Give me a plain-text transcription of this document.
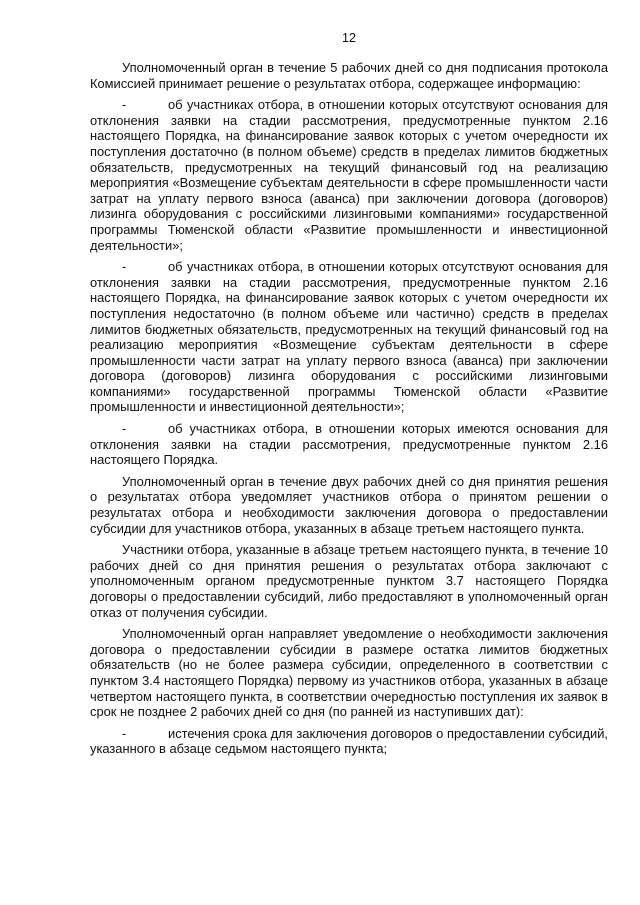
12

Уполномоченный орган в течение 5 рабочих дней со дня подписания протокола Комиссией принимает решение о результатах отбора, содержащее информацию:

-	об участниках отбора, в отношении которых отсутствуют основания для отклонения заявки на стадии рассмотрения, предусмотренные пунктом 2.16 настоящего Порядка, на финансирование заявок которых с учетом очередности их поступления достаточно (в полном объеме) средств в пределах лимитов бюджетных обязательств, предусмотренных на текущий финансовый год на реализацию мероприятия «Возмещение субъектам деятельности в сфере промышленности части затрат на уплату первого взноса (аванса) при заключении договора (договоров) лизинга оборудования с российскими лизинговыми компаниями» государственной программы Тюменской области «Развитие промышленности и инвестиционной деятельности»;

-	об участниках отбора, в отношении которых отсутствуют основания для отклонения заявки на стадии рассмотрения, предусмотренные пунктом 2.16 настоящего Порядка, на финансирование заявок которых с учетом очередности их поступления недостаточно (в полном объеме или частично) средств в пределах лимитов бюджетных обязательств, предусмотренных на текущий финансовый год на реализацию мероприятия «Возмещение субъектам деятельности в сфере промышленности части затрат на уплату первого взноса (аванса) при заключении договора (договоров) лизинга оборудования с российскими лизинговыми компаниями» государственной программы Тюменской области «Развитие промышленности и инвестиционной деятельности»;

-	об участниках отбора, в отношении которых имеются основания для отклонения заявки на стадии рассмотрения, предусмотренные пунктом 2.16 настоящего Порядка.

Уполномоченный орган в течение двух рабочих дней со дня принятия решения о результатах отбора уведомляет участников отбора о принятом решении о результатах отбора и необходимости заключения договора о предоставлении субсидии для участников отбора, указанных в абзаце третьем настоящего пункта.

Участники отбора, указанные в абзаце третьем настоящего пункта, в течение 10 рабочих дней со дня принятия решения о результатах отбора заключают с уполномоченным органом предусмотренные пунктом 3.7 настоящего Порядка договоры о предоставлении субсидий, либо предоставляют в уполномоченный орган отказ от получения субсидии.

Уполномоченный орган направляет уведомление о необходимости заключения договора о предоставлении субсидии в размере остатка лимитов бюджетных обязательств (но не более размера субсидии, определенного в соответствии с пунктом 3.4 настоящего Порядка) первому из участников отбора, указанных в абзаце четвертом настоящего пункта, в соответствии очередностью поступления их заявок в срок не позднее 2 рабочих дней со дня (по ранней из наступивших дат):

-	истечения срока для заключения договоров о предоставлении субсидий, указанного в абзаце седьмом настоящего пункта;
